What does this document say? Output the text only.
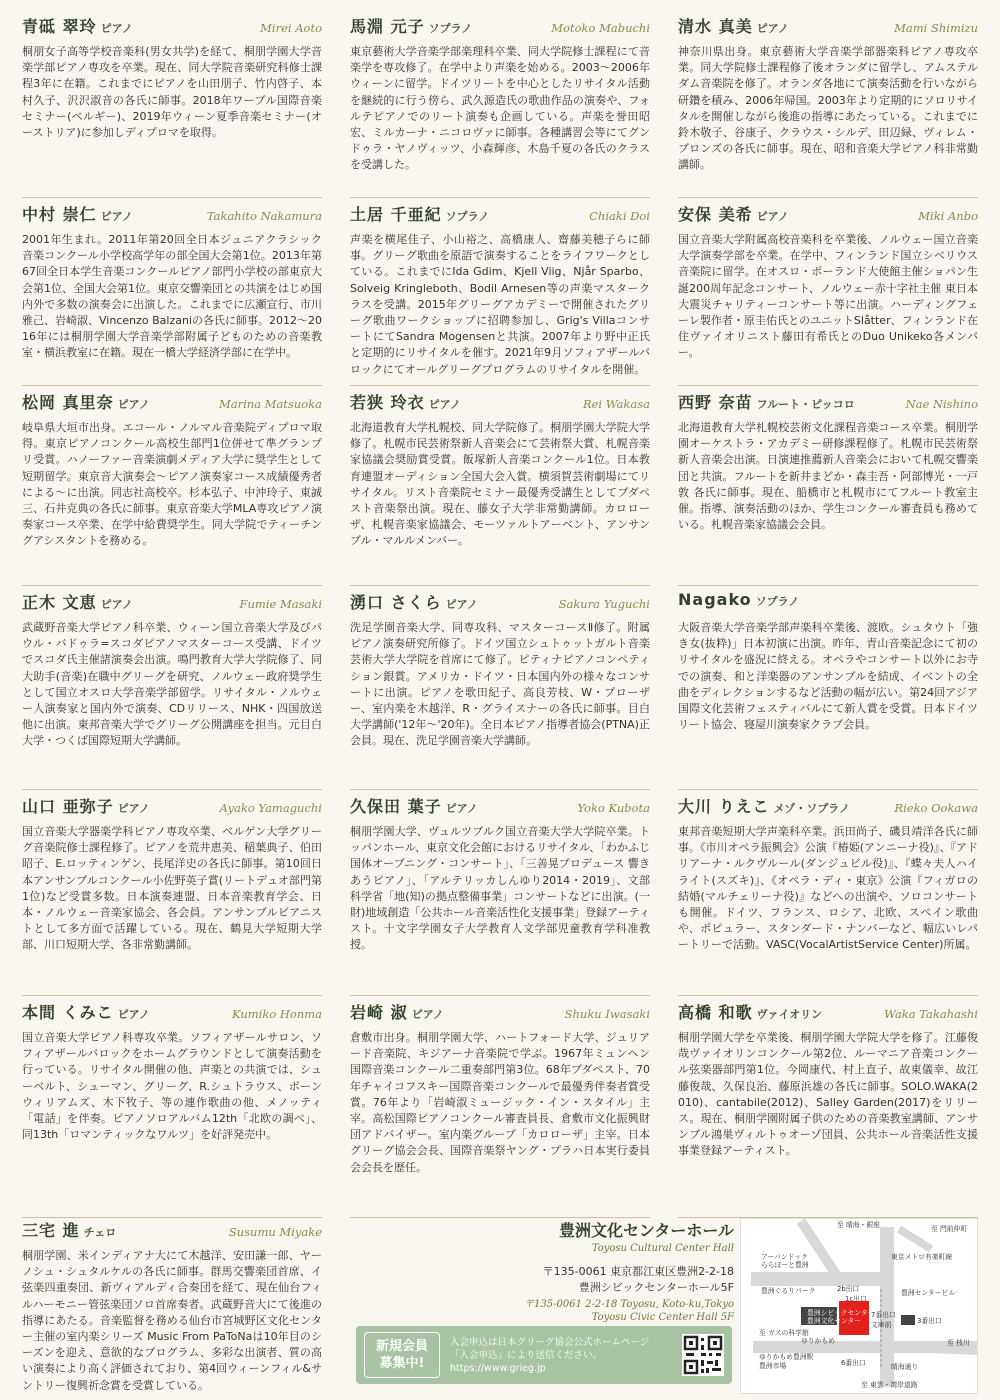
青砥 翠玲 ピアノ	Mirei Aoto
桐朋女子高等学校音楽科(男女共学)を経て、桐朋学園大学音楽学部ピアノ専攻を卒業。現在、同大学院音楽研究科修士課程3年に在籍。これまでにピアノを山田朋子、竹内啓子、本村久子、沢沢淑音の各氏に師事。2018年ワーブル国際音楽セミナー(ベルギー)、2019年ウィーン夏季音楽セミナー(オーストリア)に参加しディプロマを取得。
馬淵 元子 ソプラノ	Motoko Mabuchi
東京藝術大学音楽学部楽理科卒業、同大学院修士課程にて音楽学を専攻修了。在学中より声楽を始める。2003～2006年ウィーンに留学。ドイツリートを中心としたリサイタル活動を継続的に行う傍ら、武久源造氏の歌曲作品の演奏や、フォルテピアノでのリート演奏も企画している。声楽を誉田昭宏、ミルカーナ・ニコロヴァに師事。各種講習会等にてグンドゥラ・ヤノヴィッツ、小森輝彦、木島千夏の各氏のクラスを受講した。
清水 真美 ピアノ	Mami Shimizu
神奈川県出身。東京藝術大学音楽学部器楽科ピアノ専攻卒業。同大学院修士課程修了後オランダに留学し、アムステルダム音楽院を修了。オランダ各地にて演奏活動を行いながら研鑽を積み、2006年帰国。2003年より定期的にソロリサイタルを開催しながら後進の指導にあたっている。これまでに鈴木敬子、谷康子、クラウス・シルデ、田辺緑、ヴィレム・ブロンズの各氏に師事。現在、昭和音楽大学ピアノ科非常勤講師。
中村 崇仁 ピアノ	Takahito Nakamura
2001年生まれ。2011年第20回全日本ジュニアクラシック音楽コンクール小学校高学年の部全国大会第1位。2013年第67回全日本学生音楽コンクールピアノ部門小学校の部東京大会第1位、全国大会第1位。東京交響楽団との共演をはじめ国内外で多数の演奏会に出演した。これまでに広瀬宣行、市川雅己、岩崎淑、Vincenzo Balzaniの各氏に師事。2012～2016年には桐朋学園大学音楽学部附属子どものための音楽教室・横浜教室に在籍。現在一橋大学経済学部に在学中。
土居 千亜紀 ソプラノ	Chiaki Doi
声楽を横尾佳子、小山裕之、高橋康人、齋藤美穂子らに師事。グリーグ歌曲を原語で演奏することをライフワークとしている。これまでにIda Gdim、Kjell Viig、Njår Sparbo、Solveig Kringleboth、Bodil Arnesen等の声楽マスタークラスを受講。2015年グリーグアカデミーで開催されたグリーグ歌曲ワークショップに招聘参加し、Grig's VillaコンサートにてSandra Mogensenと共演。2007年より野中正氏と定期的にリサイタルを催す。2021年9月ソフィアザールバロックにてオールグリーグプログラムのリサイタルを開催。
安保 美希 ピアノ	Miki Anbo
国立音楽大学附属高校音楽科を卒業後、ノルウェー国立音楽大学演奏学部を卒業。在学中、フィンランド国立シベリウス音楽院に留学。在オスロ・ポーランド大使館主催ショパン生誕200周年記念コンサート、ノルウェー赤十字社主催 東日本大震災チャリティーコンサート等に出演。ハーディングフェーレ製作者・原圭佑氏とのユニットSlåtter、フィンランド在住ヴァイオリニスト藤田有希氏とのDuo Unikeko各メンバー。
松岡 真里奈 ピアノ	Marina Matsuoka
岐阜県大垣市出身。エコール・ノルマル音楽院ディプロマ取得。東京ピアノコンクール高校生部門1位併せて準グランプリ受賞。ハノーファー音楽演劇メディア大学に奨学生として短期留学。東京音大演奏会～ピアノ演奏家コース成績優秀者による～に出演。同志社高校卒。杉本弘子、中沖玲子、東誠三、石井克典の各氏に師事。東京音楽大学MLA専攻ピアノ演奏家コース卒業、在学中給費奨学生。同大学院でティーチングアシスタントを務める。
若狭 玲衣 ピアノ	Rei Wakasa
北海道教育大学札幌校、同大学院修了。桐朋学園大学院大学修了。札幌市民芸術祭新人音楽会にて芸術祭大賞、札幌音楽家協議会奨励賞受賞。飯塚新人音楽コンクール1位。日本教育連盟オーディション全国大会入賞。横須賀芸術劇場にてリサイタル。リスト音楽院セミナー最優秀受講生としてブダペスト音楽祭出演。現在、藤女子大学非常勤講師。カロローザ、札幌音楽家協議会、モーツァルトアーベント、アンサンブル・マルルメンバー。
西野 奈苗 フルート・ピッコロ	Nae Nishino
北海道教育大学札幌校芸術文化課程音楽コース卒業。桐朋学園オーケストラ・アカデミー研修課程修了。札幌市民芸術祭新人音楽会出演。日演連推薦新人音楽会において札幌交響楽団と共演。フルートを新井まどか・森圭吾・阿部博光・一戸敦 各氏に師事。現在、船橋市と札幌市にてフルート教室主催。指導、演奏活動のほか、学生コンクール審査員も務めている。札幌音楽家協議会会員。
正木 文恵 ピアノ	Fumie Masaki
武蔵野音楽大学ピアノ科卒業、ウィーン国立音楽大学及びパウル・バドゥラ=スコダピアノマスターコース受講、ドイツでスコダ氏主催諸演奏会出演。鳴門教育大学大学院修了、同大助手(音楽)在職中グリーグを研究、ノルウェー政府奨学生として国立オスロ大学音楽学部留学。リサイタル・ノルウェー人演奏家と国内外で演奏、CDリリース、NHK・四国放送他に出演。東邦音楽大学でグリーグ公開講座を担当。元目白大学・つくば国際短期大学講師。
湧口 さくら ピアノ	Sakura Yuguchi
洗足学園音楽大学、同専攻科、マスターコースⅡ修了。附属ピアノ演奏研究所修了。ドイツ国立シュトゥットガルト音楽芸術大学大学院を首席にて修了。ピティナピアノコンペティション銀賞。アメリカ・ドイツ・日本国内外の様々なコンサートに出演。ピアノを歌田紀子、高良芳枝、W・プローザー、室内楽を木越洋、R・グライスナーの各氏に師事。目白大学講師('12年～'20年)。全日本ピアノ指導者協会(PTNA)正会員。現在、洗足学園音楽大学講師。
Nagako ソプラノ
大阪音楽大学音楽学部声楽科卒業後、渡欧。シュタウト「強き女(抜粋)」日本初演に出演。昨年、青山音楽記念にて初のリサイタルを盛況に終える。オペラやコンサート以外にお寺での演奏、和と洋楽器のアンサンブルを結成、イベントの全曲をディレクションするなど活動の幅が広い。第24回アジア国際文化芸術フェスティバルにて新人賞を受賞。日本ドイツリート協会、寝屋川演奏家クラブ会員。
山口 亜弥子 ピアノ	Ayako Yamaguchi
国立音楽大学器楽学科ピアノ専攻卒業、ベルゲン大学グリーグ音楽院修士課程修了。ピアノを荒井恵美、稲葉典子、伯田昭子、E.ロッティンゲン、長尾洋史の各氏に師事。第10回日本アンサンブルコンクール小佐野英子賞(リートデュオ部門第1位)など受賞多数。日本演奏連盟、日本音楽教育学会、日本・ノルウェー音楽家協会、各会員。アンサンブルピアニストとして多方面で活躍している。現在、鶴見大学短期大学部、川口短期大学、各非常勤講師。
久保田 葉子 ピアノ	Yoko Kubota
桐朋学園大学、ヴュルツブルク国立音楽大学大学院卒業。トッパンホール、東京文化会館におけるリサイタル、「わかふじ国体オープニング・コンサート」、「三善晃プロデュース 響きあうピアノ」、「アルテリッカしんゆり2014・2019」、文部科学省「地(知)の拠点整備事業」コンサートなどに出演。(一財)地域創造「公共ホール音楽活性化支援事業」登録アーティスト。十文字学園女子大学教育人文学部児童教育学科准教授。
大川 りえこ メゾ・ソプラノ	Rieko Ookawa
東邦音楽短期大学声楽科卒業。浜田尚子、磯貝靖洋各氏に師事。《市川オペラ振興会》公演『椿姫(アンニーナ役)』、『アドリアーナ・ルクヴルール(ダンジュビル役)』、『蝶々夫人ハイライト(スズキ)』、《オペラ・ディ・東京》公演『フィガロの結婚(マルチェリーナ役)』などへの出演や、ソロコンサートも開催。ドイツ、フランス、ロシア、北欧、スペイン歌曲や、ポピュラー、スタンダード・ナンバーなど、幅広いレパートリーで活動。VASC(VocalArtistService Center)所属。
本間 くみこ ピアノ	Kumiko Honma
国立音楽大学ピアノ科専攻卒業。ソフィアザールサロン、ソフィアザールバロックをホームグラウンドとして演奏活動を行っている。リサイタル開催の他、声楽との共演では、シューベルト、シューマン、グリーグ、R.シュトラウス、ボーンウィリアムズ、木下牧子、等の連作歌曲の他、メノッティ「電話」を伴奏。ピアノソロアルバム12th「北欧の調べ」、同13th「ロマンティックなワルツ」を好評発売中。
岩崎 淑 ピアノ	Shuku Iwasaki
倉敷市出身。桐朋学園大学、ハートフォード大学、ジュリアード音楽院、キジアーナ音楽院で学ぶ。1967年ミュンヘン国際音楽コンクール二重奏部門第3位。68年ブダペスト、70年チャイコフスキー国際音楽コンクールで最優秀伴奏者賞受賞。76年より「岩崎淑ミュージック・イン・スタイル」主宰。高松国際ピアノコンクール審査員長、倉敷市文化振興財団アドバイザー。室内楽グループ「カロローザ」主宰。日本グリーグ協会会長、国際音楽祭ヤング・プラハ日本実行委員会会長を歴任。
高橋 和歌 ヴァイオリン	Waka Takahashi
桐朋学園大学を卒業後、桐朋学園大学院大学を修了。江藤俊哉ヴァイオリンコンクール第2位、ルーマニア音楽コンクール弦楽器部門第1位。今岡康代、村上直子、故東儀幸、故江藤俊哉、久保良治、藤原浜雄の各氏に師事。SOLO.WAKA(2010)、cantabile(2012)、Salley Garden(2017)をリリース。現在、桐朋学園附属子供のための音楽教室講師、アンサンブル鴻巣ヴィルトゥオーゾ団員、公共ホール音楽活性支援事業登録アーティスト。
三宅 進 チェロ	Susumu Miyake
桐朋学園、米インディアナ大にて木越洋、安田謙一郎、ヤーノシュ・シュタルケルの各氏に師事。群馬交響楽団首席、イ弦楽四重奏団、新ヴィアルディ合奏団を経て、現在仙台フィルハーモニー管弦楽団ソロ首席奏者。武蔵野音大にて後進の指導にあたる。音楽監督を務める仙台市宮城野区文化センター主催の室内楽シリーズ Music From PaToNaは10年目のシーズンを迎え、意欲的なプログラム、多彩な出演者、質の高い演奏により高く評価されており、第4回ウィーンフィル&サントリー復興祈念賞を受賞している。
豊洲文化センターホール
Toyosu Cultural Center Hall
〒135-0061 東京都江東区豊洲2-2-18
豊洲シビックセンターホール5F
〒135-0061 2-2-18 Toyosu, Koto-ku,Tokyo
Toyosu Civic Center Hall 5F
新規会員
募集中!
入会申込は日本グリーグ協会公式ホームページ
「入会申込」により送信ください。
https://www.grieg.jp
豊洲シビックセンター
豊洲文化センター
至 晴海・銀座	至 門前仲町
アーバンドック
ららぽーと豊洲
豊洲ぐるりパーク	2b出口
1c出口
7番出口
文庫前
豊洲センタービル
3番出口
至 枝川
6番出口	晴海通り
ゆりかもめ豊洲駅
豊洲市場
至 ガスの科学館
至 東雲・湾岸道路
東京メトロ有楽町線
ゆりかもめ
